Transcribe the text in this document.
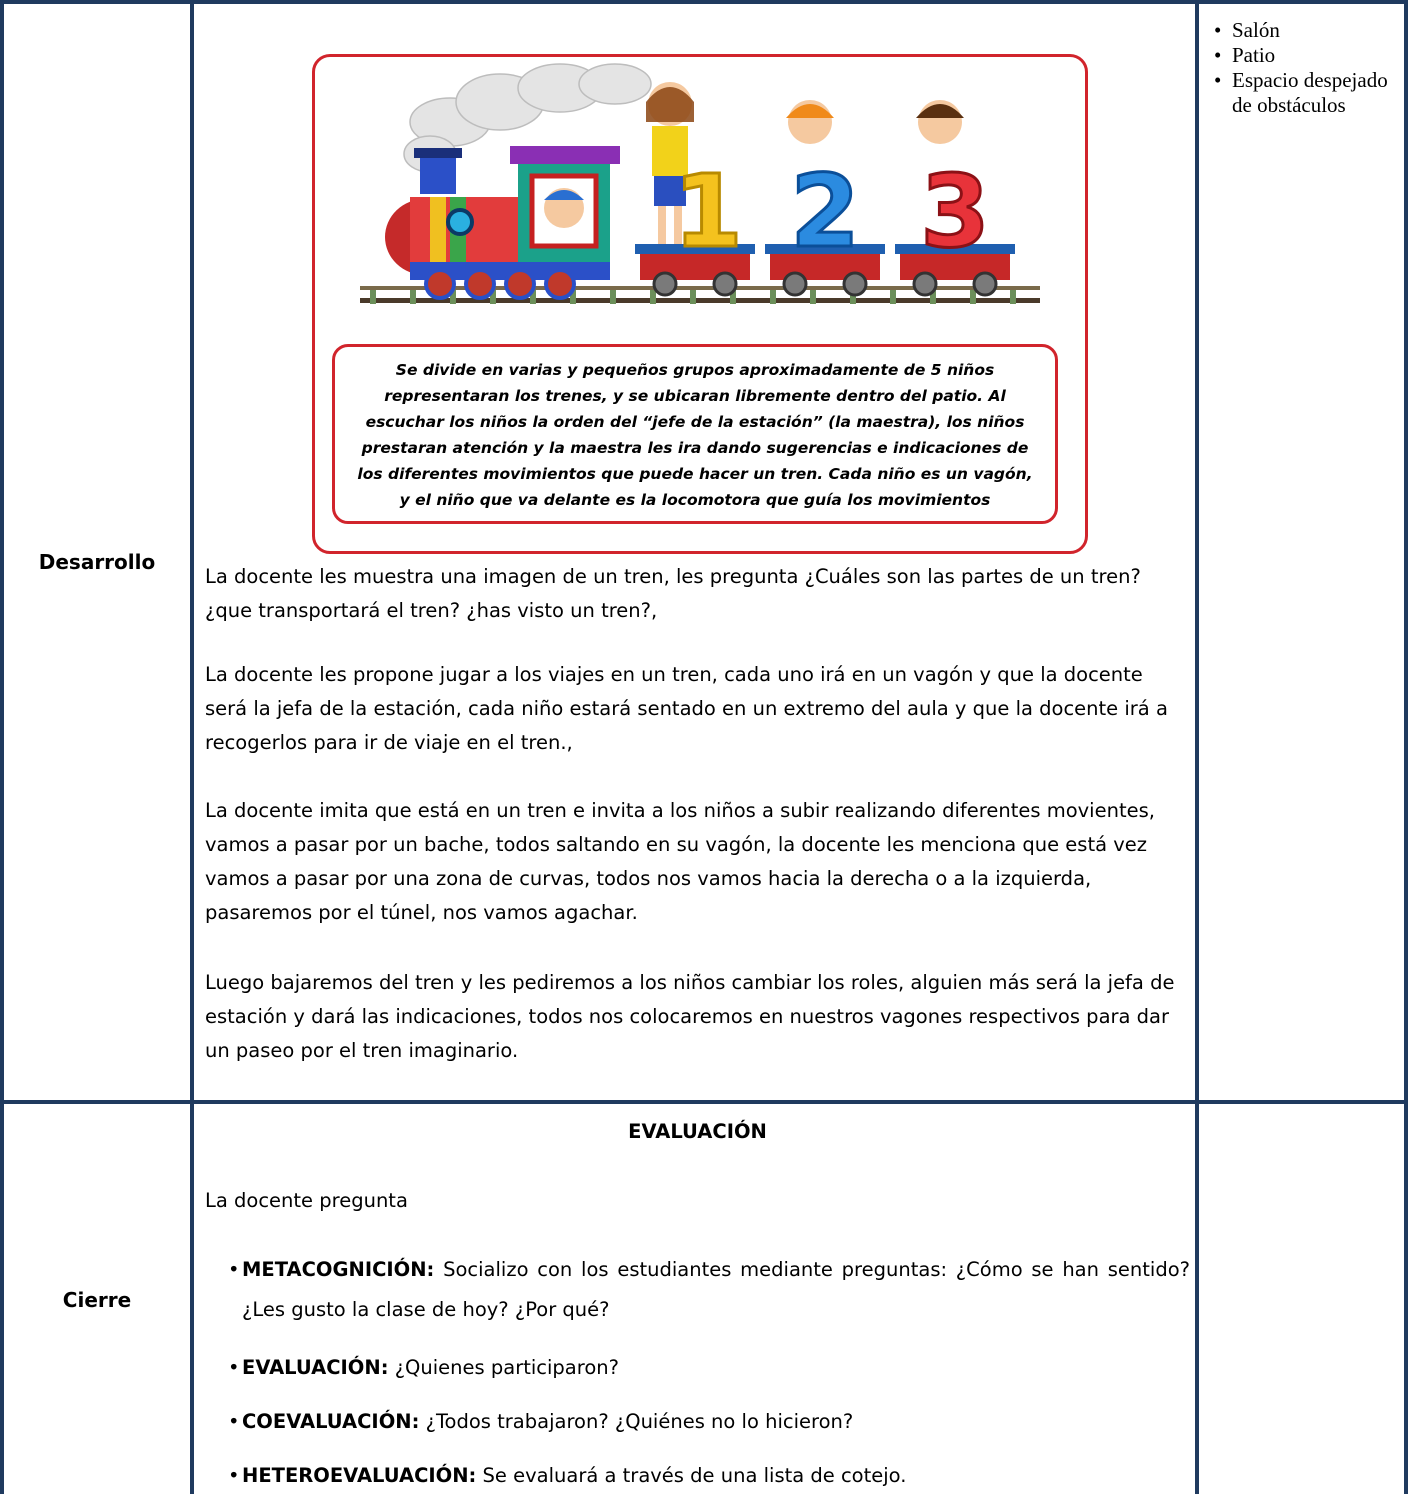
Desarrollo
Cierre
• Salón
• Patio
• Espacio despejado de obstáculos
1 2 3
Se divide en varias y pequeños grupos aproximadamente de 5 niños representaran los trenes, y se ubicaran libremente dentro del patio. Al escuchar los niños la orden del “jefe de la estación” (la maestra), los niños prestaran atención y la maestra les ira dando sugerencias e indicaciones de los diferentes movimientos que puede hacer un tren. Cada niño es un vagón, y el niño que va delante es la locomotora que guía los movimientos
La docente les muestra una imagen de un tren, les pregunta ¿Cuáles son las partes de un tren? ¿que transportará el tren? ¿has visto un tren?,
La docente les propone jugar a los viajes en un tren, cada uno irá en un vagón y que la docente será la jefa de la estación, cada niño estará sentado en un extremo del aula y que la docente irá a recogerlos para ir de viaje en el tren.,
La docente imita que está en un tren e invita a los niños a subir realizando diferentes movientes, vamos a pasar por un bache, todos saltando en su vagón, la docente les menciona que está vez vamos a pasar por una zona de curvas, todos nos vamos hacia la derecha o a la izquierda, pasaremos por el túnel, nos vamos agachar.
Luego bajaremos del tren y les pediremos a los niños cambiar los roles, alguien más será la jefa de estación y dará las indicaciones, todos nos colocaremos en nuestros vagones respectivos para dar un paseo por el tren imaginario.
EVALUACIÓN
La docente pregunta
• METACOGNICIÓN: Socializo con los estudiantes mediante preguntas: ¿Cómo se han sentido? ¿Les gusto la clase de hoy? ¿Por qué?
• EVALUACIÓN: ¿Quienes participaron?
• COEVALUACIÓN: ¿Todos trabajaron? ¿Quiénes no lo hicieron?
• HETEROEVALUACIÓN: Se evaluará a través de una lista de cotejo.
